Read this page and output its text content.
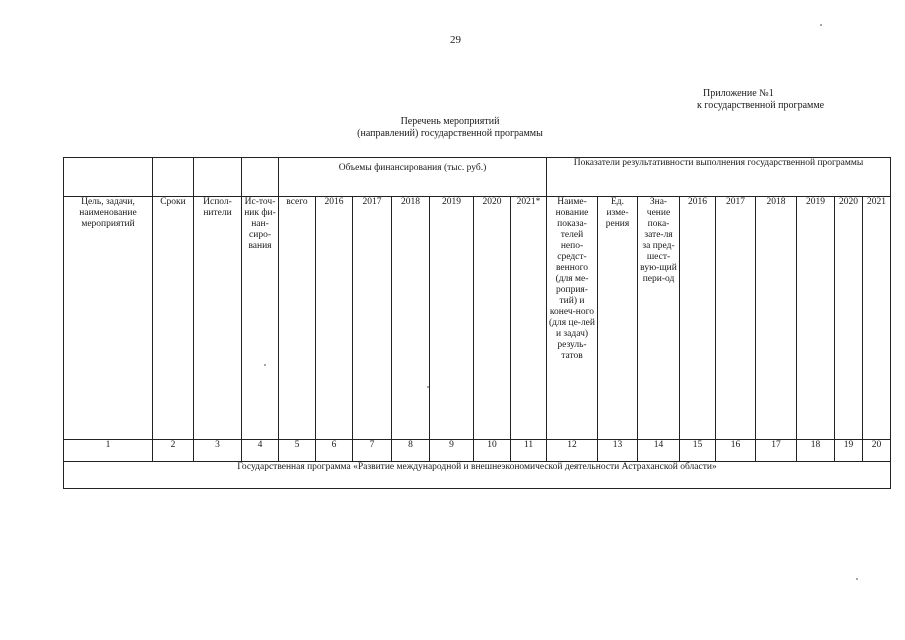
29
Приложение №1
к государственной программе
Перечень мероприятий
(направлений) государственной программы
				Объемы финансирования (тыс. руб.)							Показатели результативности выполнения государственной программы								
Цель, задачи, наименование мероприятий	Сроки	Испол-нители	Ис-точ-ник фи-нан-сиро-вания	всего	2016	2017	2018	2019	2020	2021*	Наиме-нование показа-телей непо-средст-венного (для ме-роприя-тий) и конеч-ного (для це-лей и задач) резуль-татов	Ед. изме-рения	Зна-чение пока-зате-ля за пред-шест-вую-щий пери-од	2016	2017	2018	2019	2020	2021
1	2	3	4	5	6	7	8	9	10	11	12	13	14	15	16	17	18	19	20
Государственная программа «Развитие международной и внешнеэкономической деятельности Астраханской области»																			
